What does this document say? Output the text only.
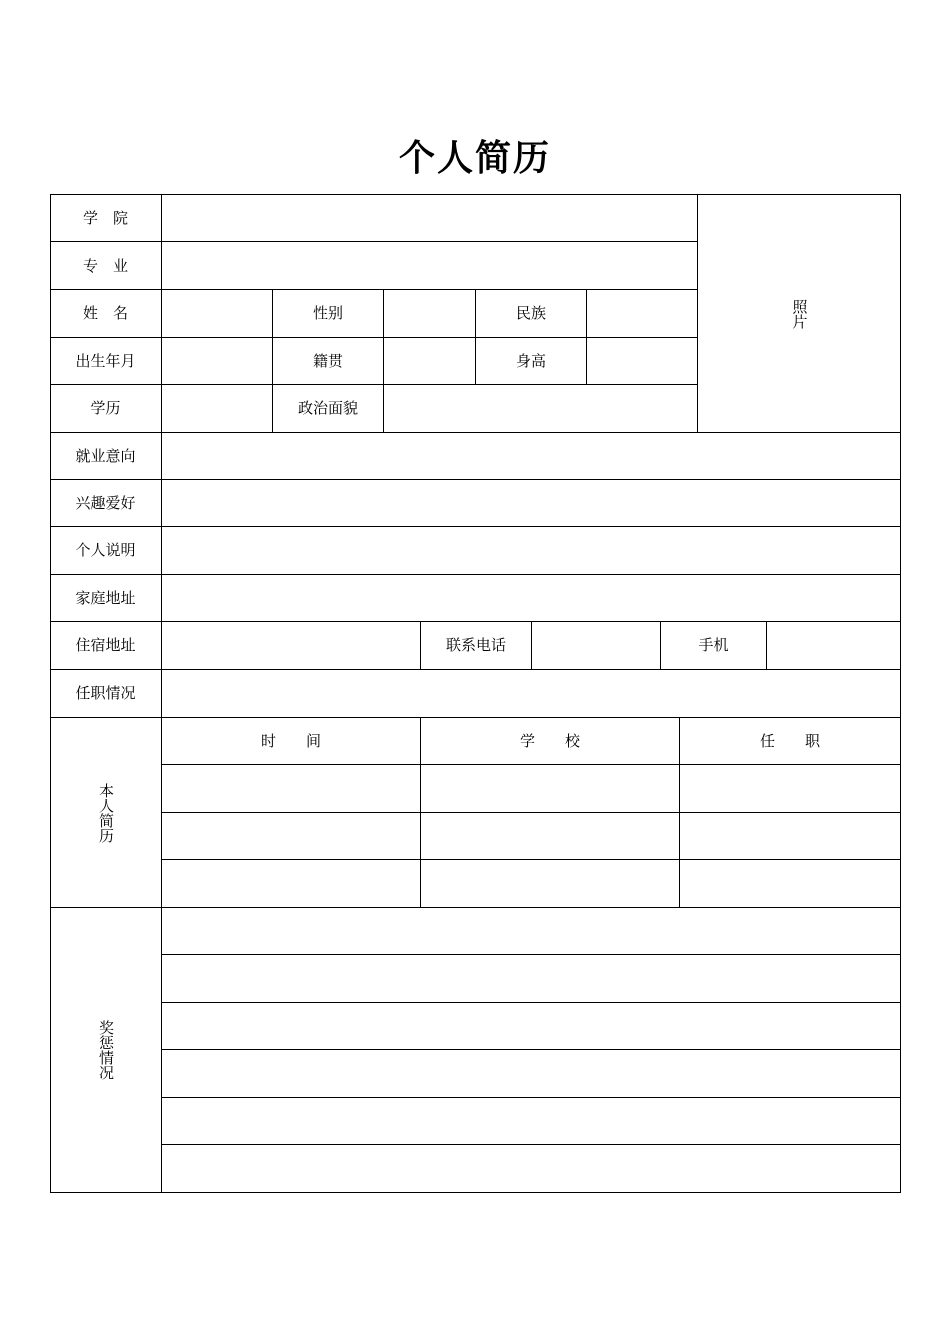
个人简历
学　院
专　业
姓　名	性别	民族
出生年月	籍贯	身高
学历	政治面貌
照片
就业意向
兴趣爱好
个人说明
家庭地址
住宿地址	联系电话	手机
任职情况
本人简历
时　　间	学　　校	任　　职
奖惩情况
